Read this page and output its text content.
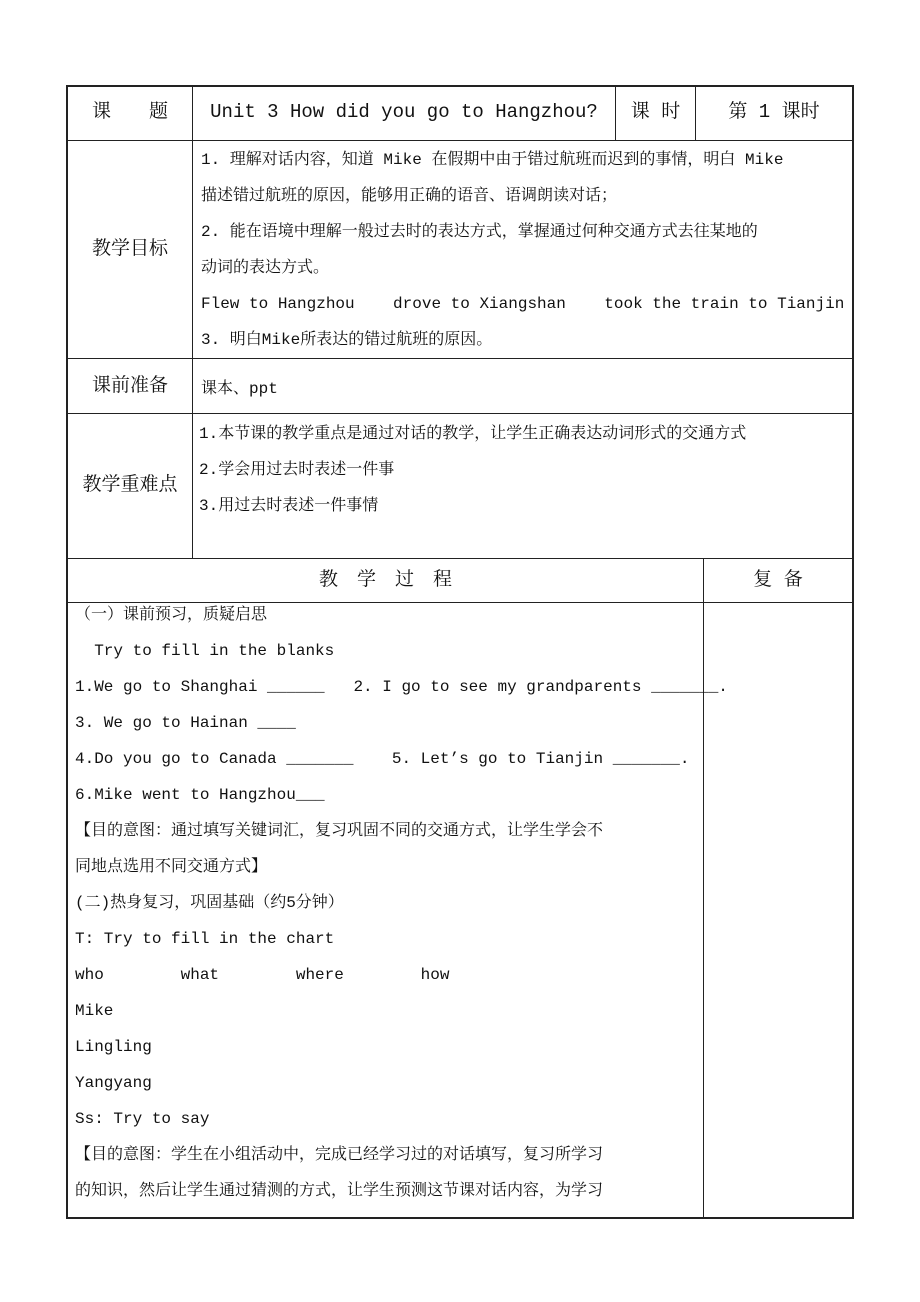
课　　题	Unit 3 How did you go to Hangzhou?	课 时	第 1 课时
教学目标
1. 理解对话内容，知道 Mike 在假期中由于错过航班而迟到的事情，明白 Mike
描述错过航班的原因，能够用正确的语音、语调朗读对话；
2. 能在语境中理解一般过去时的表达方式，掌握通过何种交通方式去往某地的
动词的表达方式。
Flew to Hangzhou    drove to Xiangshan    took the train to Tianjin
3. 明白Mike所表达的错过航班的原因。
课前准备	课本、ppt
教学重难点
1.本节课的教学重点是通过对话的教学，让学生正确表达动词形式的交通方式
2.学会用过去时表述一件事
3.用过去时表述一件事情
教　学　过　程	复 备
（一）课前预习，质疑启思
Try to fill in the blanks
1.We go to Shanghai ______   2. I go to see my grandparents _______.
3. We go to Hainan ____
4.Do you go to Canada _______    5. Let’s go to Tianjin _______.
6.Mike went to Hangzhou___
【目的意图：通过填写关键词汇，复习巩固不同的交通方式，让学生学会不
同地点选用不同交通方式】
(二)热身复习，巩固基础（约5分钟）
T: Try to fill in the chart
who        what        where        how
Mike
Lingling
Yangyang
Ss: Try to say
【目的意图：学生在小组活动中，完成已经学习过的对话填写，复习所学习
的知识，然后让学生通过猜测的方式，让学生预测这节课对话内容，为学习
